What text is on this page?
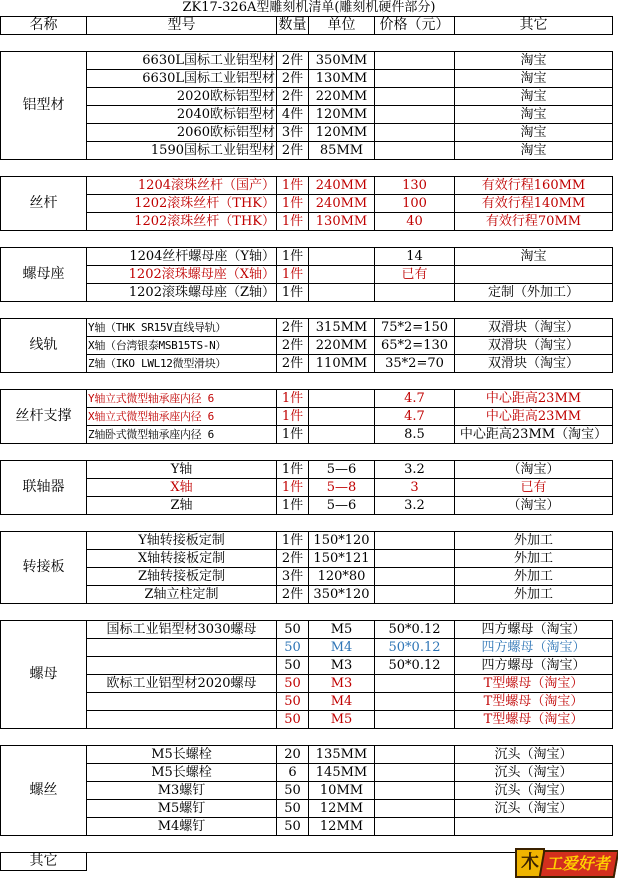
ZK17-326A型雕刻机清单(雕刻机硬件部分)
名称	型号	数量	单位	价格（元）	其它

铝型材	6630L国标工业铝型材	2件	350MM		淘宝
	6630L国标工业铝型材	2件	130MM		淘宝
	2020欧标铝型材	2件	220MM		淘宝
	2040欧标铝型材	4件	120MM		淘宝
	2060欧标铝型材	3件	120MM		淘宝
	1590国标工业铝型材	2件	85MM		淘宝

丝杆	1204滚珠丝杆（国产）	1件	240MM	130	有效行程160MM
	1202滚珠丝杆（THK）	1件	240MM	100	有效行程140MM
	1202滚珠丝杆（THK）	1件	130MM	40	有效行程70MM

螺母座	1204丝杆螺母座（Y轴）	1件		14	淘宝
	1202滚珠螺母座（X轴）	1件		已有	
	1202滚珠螺母座（Z轴）	1件			定制（外加工）

线轨	Y轴（THK SR15V直线导轨）	2件	315MM	75*2=150	双滑块（淘宝）
	X轴（台湾银泰MSB15TS-N）	2件	220MM	65*2=130	双滑块（淘宝）
	Z轴（IKO LWL12微型滑块）	2件	110MM	35*2=70	双滑块（淘宝）

丝杆支撑	Y轴立式微型轴承座内径 6	1件		4.7	中心距高23MM
	X轴立式微型轴承座内径 6	1件		4.7	中心距高23MM
	Z轴卧式微型轴承座内径 6	1件		8.5	中心距高23MM（淘宝）

联轴器	Y轴	1件	5—6	3.2	（淘宝）
	X轴	1件	5—8	3	已有
	Z轴	1件	5—6	3.2	（淘宝）

转接板	Y轴转接板定制	1件	150*120		外加工
	X轴转接板定制	2件	150*121		外加工
	Z轴转接板定制	3件	120*80		外加工
	Z轴立柱定制	2件	350*120		外加工

螺母	国标工业铝型材3030螺母	50	M5	50*0.12	四方螺母（淘宝）
		50	M4	50*0.12	四方螺母（淘宝）
		50	M3	50*0.12	四方螺母（淘宝）
	欧标工业铝型材2020螺母	50	M3		T型螺母（淘宝）
		50	M4		T型螺母（淘宝）
		50	M5		T型螺母（淘宝）

螺丝	M5长螺栓	20	135MM		沉头（淘宝）
	M5长螺栓	6	145MM		沉头（淘宝）
	M3螺钉	50	10MM		沉头（淘宝）
	M5螺钉	50	12MM		沉头（淘宝）
	M4螺钉	50	12MM		

其它						木 工爱好者
